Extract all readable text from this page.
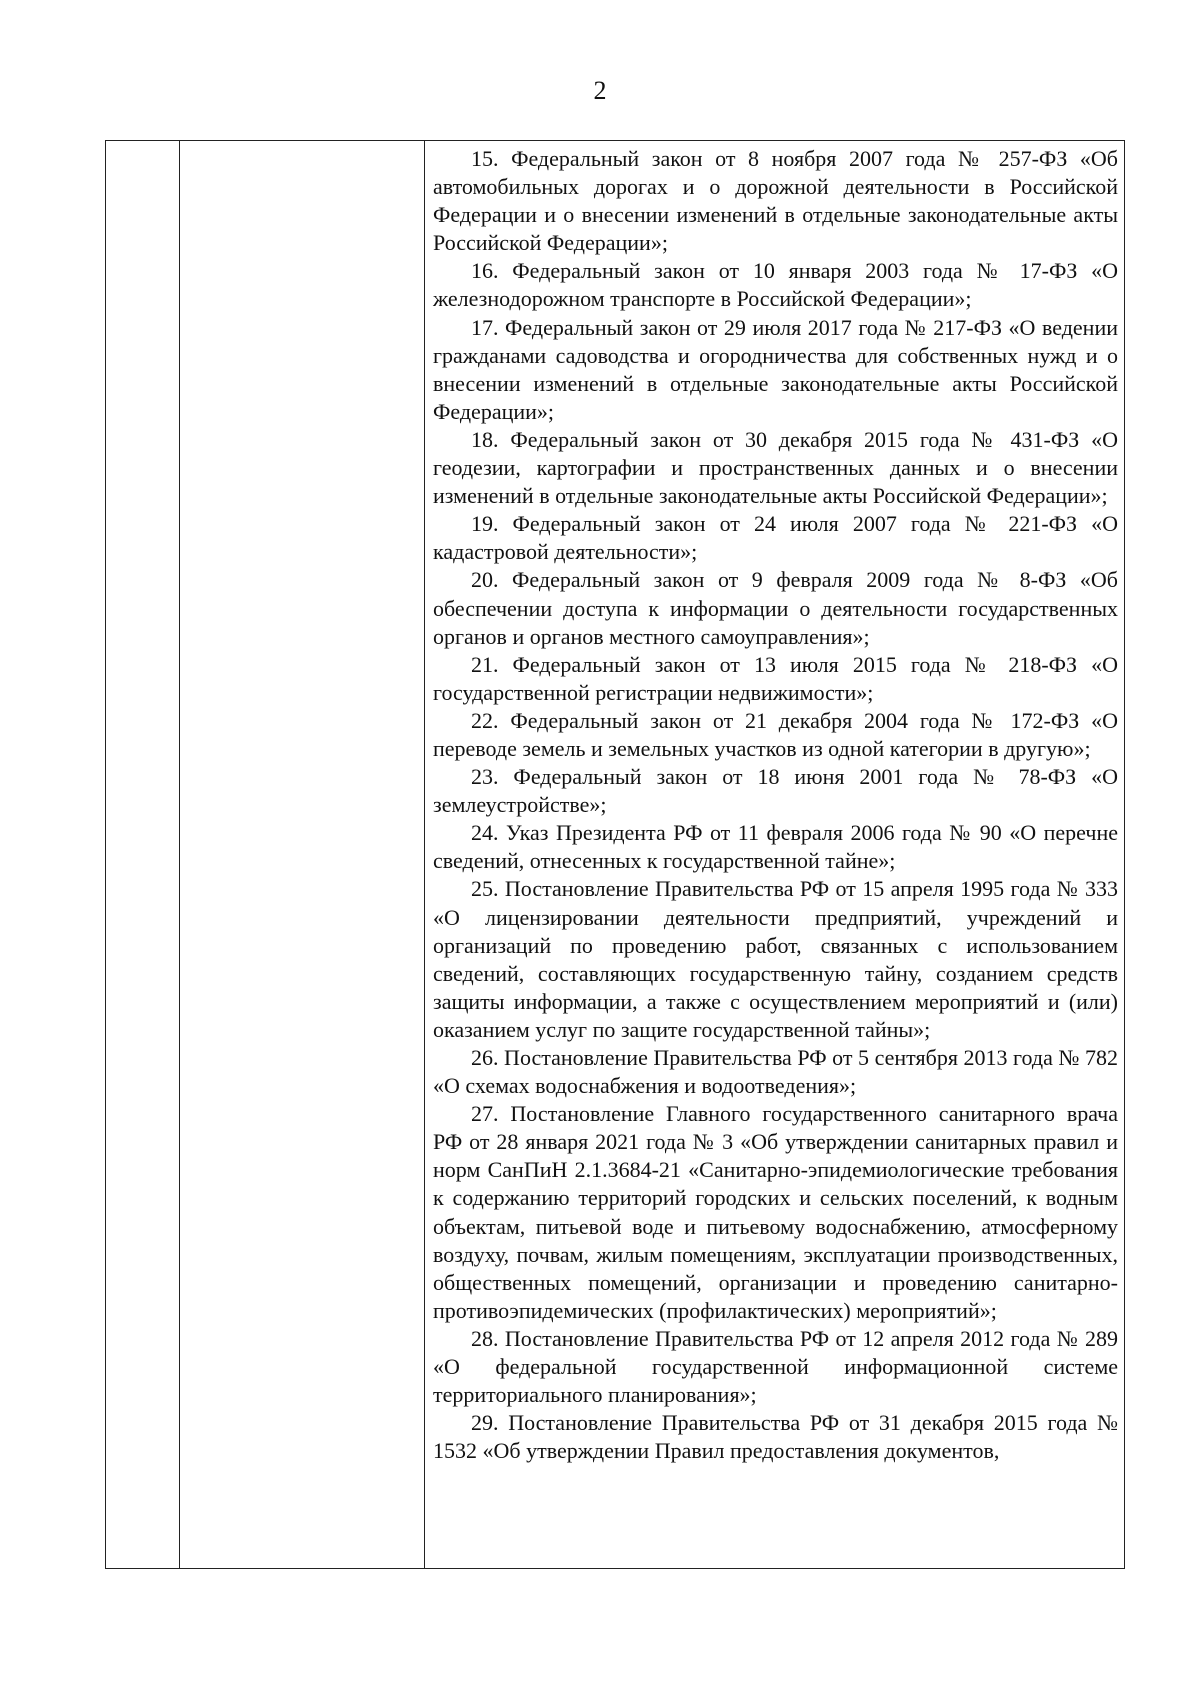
2

15. Федеральный закон от 8 ноября 2007 года № 257-ФЗ «Об автомобильных дорогах и о дорожной деятельности в Российской Федерации и о внесении изменений в отдельные законодательные акты Российской Федерации»;

16. Федеральный закон от 10 января 2003 года № 17-ФЗ «О железнодорожном транспорте в Российской Федерации»;

17. Федеральный закон от 29 июля 2017 года № 217-ФЗ «О ведении гражданами садоводства и огородничества для собственных нужд и о внесении изменений в отдельные законодательные акты Российской Федерации»;

18. Федеральный закон от 30 декабря 2015 года № 431-ФЗ «О геодезии, картографии и пространственных данных и о внесении изменений в отдельные законодательные акты Российской Федерации»;

19. Федеральный закон от 24 июля 2007 года № 221-ФЗ «О кадастровой деятельности»;

20. Федеральный закон от 9 февраля 2009 года № 8-ФЗ «Об обеспечении доступа к информации о деятельности государственных органов и органов местного самоуправления»;

21. Федеральный закон от 13 июля 2015 года № 218-ФЗ «О государственной регистрации недвижимости»;

22. Федеральный закон от 21 декабря 2004 года № 172-ФЗ «О переводе земель и земельных участков из одной категории в другую»;

23. Федеральный закон от 18 июня 2001 года № 78-ФЗ «О землеустройстве»;

24. Указ Президента РФ от 11 февраля 2006 года № 90 «О перечне сведений, отнесенных к государственной тайне»;

25. Постановление Правительства РФ от 15 апреля 1995 года № 333 «О лицензировании деятельности предприятий, учреждений и организаций по проведению работ, связанных с использованием сведений, составляющих государственную тайну, созданием средств защиты информации, а также с осуществлением мероприятий и (или) оказанием услуг по защите государственной тайны»;

26. Постановление Правительства РФ от 5 сентября 2013 года № 782 «О схемах водоснабжения и водоотведения»;

27. Постановление Главного государственного санитарного врача РФ от 28 января 2021 года № 3 «Об утверждении санитарных правил и норм СанПиН 2.1.3684-21 «Санитарно-эпидемиологические требования к содержанию территорий городских и сельских поселений, к водным объектам, питьевой воде и питьевому водоснабжению, атмосферному воздуху, почвам, жилым помещениям, эксплуатации производственных, общественных помещений, организации и проведению санитарно-противоэпидемических (профилактических) мероприятий»;

28. Постановление Правительства РФ от 12 апреля 2012 года № 289 «О федеральной государственной информационной системе территориального планирования»;

29. Постановление Правительства РФ от 31 декабря 2015 года № 1532 «Об утверждении Правил предоставления документов,
